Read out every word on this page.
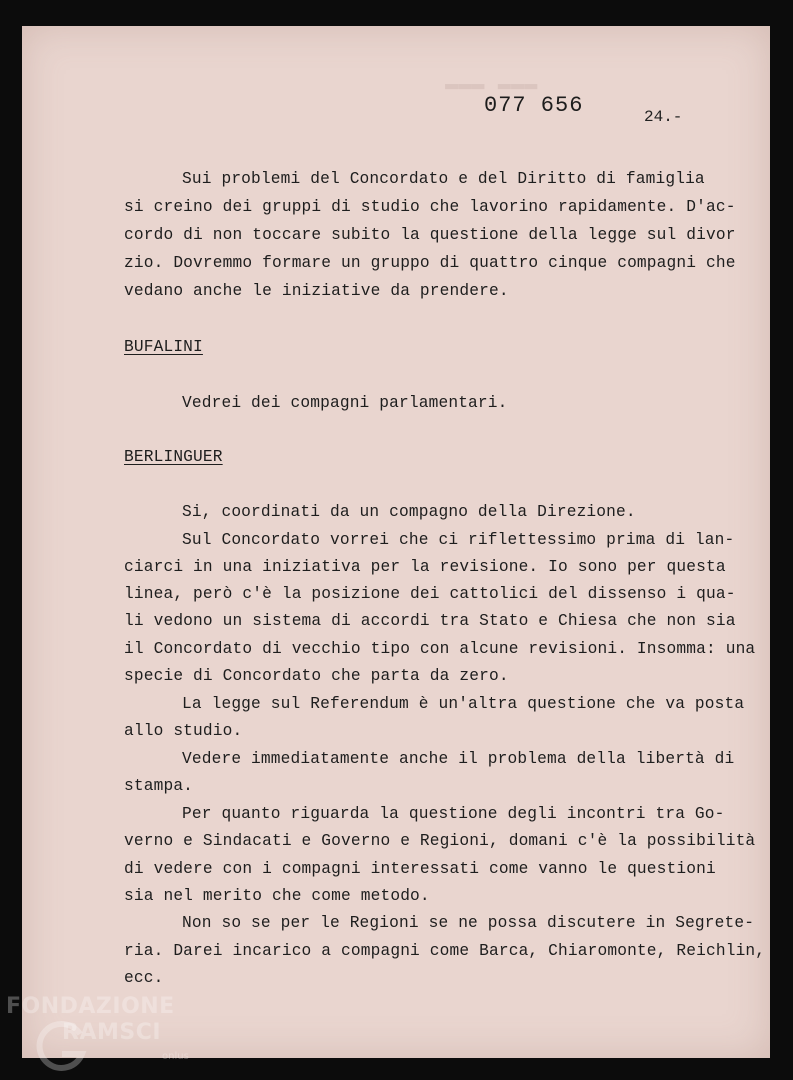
077 656	24.-
Sui problemi del Concordato e del Diritto di famiglia
si creino dei gruppi di studio che lavorino rapidamente. D'ac-
cordo di non toccare subito la questione della legge sul divor
zio. Dovremmo formare un gruppo di quattro cinque compagni che
vedano anche le iniziative da prendere.
BUFALINI
Vedrei dei compagni parlamentari.
BERLINGUER
Si, coordinati da un compagno della Direzione.
Sul Concordato vorrei che ci riflettessimo prima di lan-
ciarci in una iniziativa per la revisione. Io sono per questa
linea, però c'è la posizione dei cattolici del dissenso i qua-
li vedono un sistema di accordi tra Stato e Chiesa che non sia
il Concordato di vecchio tipo con alcune revisioni. Insomma: una
specie di Concordato che parta da zero.
La legge sul Referendum è un'altra questione che va posta
allo studio.
Vedere immediatamente anche il problema della libertà di
stampa.
Per quanto riguarda la questione degli incontri tra Go-
verno e Sindacati e Governo e Regioni, domani c'è la possibilità
di vedere con i compagni interessati come vanno le questioni
sia nel merito che come metodo.
Non so se per le Regioni se ne possa discutere in Segrete-
ria. Darei incarico a compagni come Barca, Chiaromonte, Reichlin,
ecc.
FONDAZIONE
RAMSCI
onlus
